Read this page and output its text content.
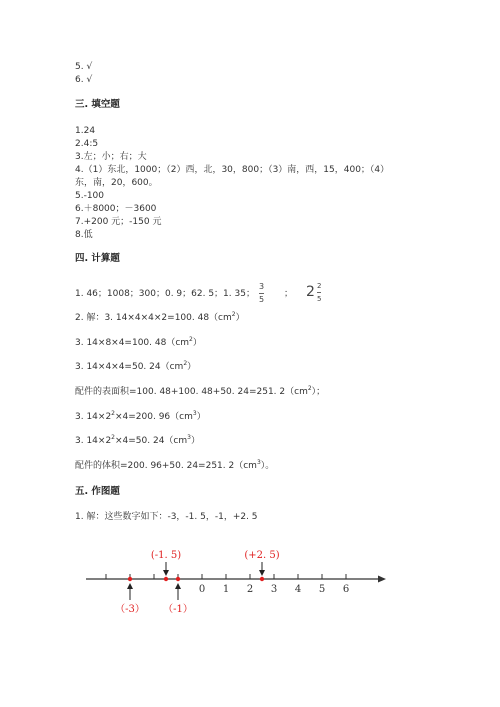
5. √
6. √
三. 填空题
1.24
2.4:5
3.左；小；右；大
4.（1）东北，1000；（2）西，北，30，800；（3）南，西，15，400；（4）
东，南，20，600。
5.-100
6.＋8000；－3600
7.+200 元；-150 元
8.低
四. 计算题
1. 46；1008；300；0. 9；62. 5；1. 35；
3
5
； 2 2
5
2. 解：3. 14×4×4×2=100. $48(cm^2)$
3. 14×8×4=100. $48(cm^2)$
3. 14×4×4=50. $24(cm^2)$
配件的表面积=100. 48+100. 48+50. 24=251. $2(cm^2)$；
3. $14\times 2^2\times 4=200$. $96(cm^3)$
3. $14\times 2^2\times 4=50$. $24(cm^3)$
配件的体积=200. 96+50. 24=251. $2(cm^3)$。
五. 作图题
1. 解：这些数字如下：-3，-1. 5，-1，+2. 5
0 1 2 3 4 5 6
（-3）
(-1. 5)
（-1）
(+2. 5)
